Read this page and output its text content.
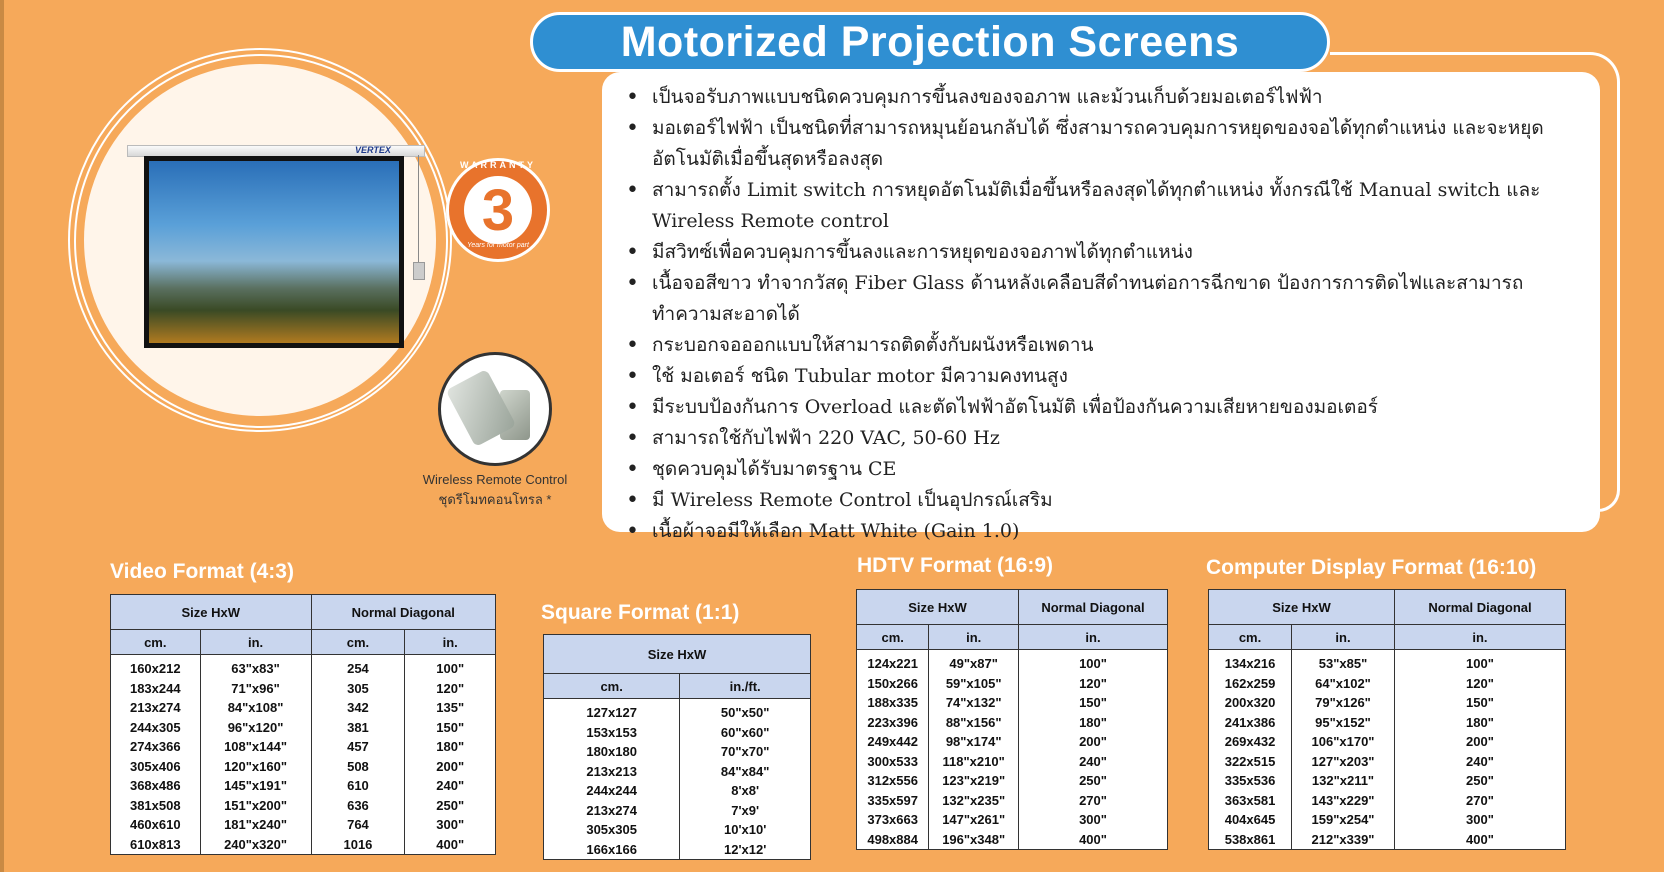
Motorized Projection Screens
VERTEX
3
WARRANTY
Years for motor part
Wireless Remote Control
ชุดรีโมทคอนโทรล *
• เป็นจอรับภาพแบบชนิดควบคุมการขึ้นลงของจอภาพ และม้วนเก็บด้วยมอเตอร์ไฟฟ้า
• มอเตอร์ไฟฟ้า เป็นชนิดที่สามารถหมุนย้อนกลับได้ ซึ่งสามารถควบคุมการหยุดของจอได้ทุกตำแหน่ง และจะหยุดอัตโนมัติเมื่อขึ้นสุดหรือลงสุด
• สามารถตั้ง Limit switch การหยุดอัตโนมัติเมื่อขึ้นหรือลงสุดได้ทุกตำแหน่ง ทั้งกรณีใช้ Manual switch และ Wireless Remote control
• มีสวิทซ์เพื่อควบคุมการขึ้นลงและการหยุดของจอภาพได้ทุกตำแหน่ง
• เนื้อจอสีขาว ทำจากวัสดุ Fiber Glass ด้านหลังเคลือบสีดำทนต่อการฉีกขาด ป้องการการติดไฟและสามารถทำความสะอาดได้
• กระบอกจอออกแบบให้สามารถติดตั้งกับผนังหรือเพดาน
• ใช้ มอเตอร์ ชนิด Tubular motor มีความคงทนสูง
• มีระบบป้องกันการ Overload และตัดไฟฟ้าอัตโนมัติ เพื่อป้องกันความเสียหายของมอเตอร์
• สามารถใช้กับไฟฟ้า 220 VAC, 50-60 Hz
• ชุดควบคุมได้รับมาตรฐาน CE
• มี Wireless Remote Control เป็นอุปกรณ์เสริม
• เนื้อผ้าจอมีให้เลือก Matt White (Gain 1.0)
Video Format (4:3)
Size HxW		Normal Diagonal	
cm.	in.	cm.	in.
160x212	63"x83"	254	100"
183x244	71"x96"	305	120"
213x274	84"x108"	342	135"
244x305	96"x120"	381	150"
274x366	108"x144"	457	180"
305x406	120"x160"	508	200"
368x486	145"x191"	610	240"
381x508	151"x200"	636	250"
460x610	181"x240"	764	300"
610x813	240"x320"	1016	400"
Square Format (1:1)
Size HxW	
cm.	in./ft.
127x127	50"x50"
153x153	60"x60"
180x180	70"x70"
213x213	84"x84"
244x244	8'x8'
213x274	7'x9'
305x305	10'x10'
166x166	12'x12'
HDTV Format (16:9)
Size HxW		Normal Diagonal
cm.	in.	in.
124x221	49"x87"	100"
150x266	59"x105"	120"
188x335	74"x132"	150"
223x396	88"x156"	180"
249x442	98"x174"	200"
300x533	118"x210"	240"
312x556	123"x219"	250"
335x597	132"x235"	270"
373x663	147"x261"	300"
498x884	196"x348"	400"
Computer Display Format (16:10)
Size HxW		Normal Diagonal
cm.	in.	in.
134x216	53"x85"	100"
162x259	64"x102"	120"
200x320	79"x126"	150"
241x386	95"x152"	180"
269x432	106"x170"	200"
322x515	127"x203"	240"
335x536	132"x211"	250"
363x581	143"x229"	270"
404x645	159"x254"	300"
538x861	212"x339"	400"
